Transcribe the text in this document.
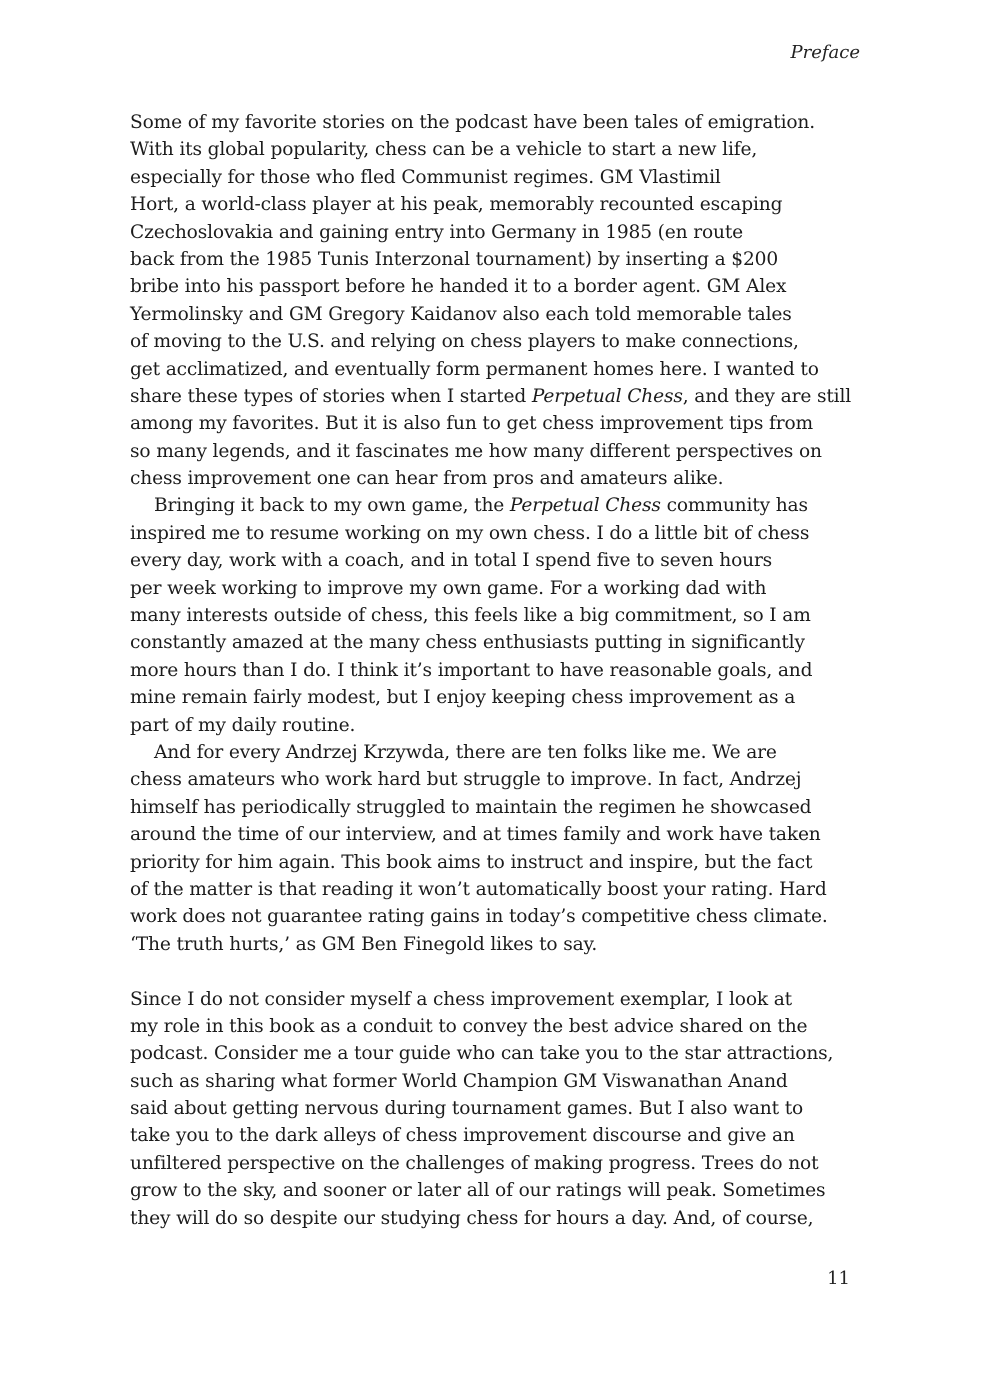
Preface
Some of my favorite stories on the podcast have been tales of emigration.
With its global popularity, chess can be a vehicle to start a new life,
especially for those who fled Communist regimes. GM Vlastimil
Hort, a world-class player at his peak, memorably recounted escaping
Czechoslovakia and gaining entry into Germany in 1985 (en route
back from the 1985 Tunis Interzonal tournament) by inserting a $200
bribe into his passport before he handed it to a border agent. GM Alex
Yermolinsky and GM Gregory Kaidanov also each told memorable tales
of moving to the U.S. and relying on chess players to make connections,
get acclimatized, and eventually form permanent homes here. I wanted to
share these types of stories when I started Perpetual Chess, and they are still
among my favorites. But it is also fun to get chess improvement tips from
so many legends, and it fascinates me how many different perspectives on
chess improvement one can hear from pros and amateurs alike.
Bringing it back to my own game, the Perpetual Chess community has
inspired me to resume working on my own chess. I do a little bit of chess
every day, work with a coach, and in total I spend five to seven hours
per week working to improve my own game. For a working dad with
many interests outside of chess, this feels like a big commitment, so I am
constantly amazed at the many chess enthusiasts putting in significantly
more hours than I do. I think it’s important to have reasonable goals, and
mine remain fairly modest, but I enjoy keeping chess improvement as a
part of my daily routine.
And for every Andrzej Krzywda, there are ten folks like me. We are
chess amateurs who work hard but struggle to improve. In fact, Andrzej
himself has periodically struggled to maintain the regimen he showcased
around the time of our interview, and at times family and work have taken
priority for him again. This book aims to instruct and inspire, but the fact
of the matter is that reading it won’t automatically boost your rating. Hard
work does not guarantee rating gains in today’s competitive chess climate.
‘The truth hurts,’ as GM Ben Finegold likes to say.
Since I do not consider myself a chess improvement exemplar, I look at
my role in this book as a conduit to convey the best advice shared on the
podcast. Consider me a tour guide who can take you to the star attractions,
such as sharing what former World Champion GM Viswanathan Anand
said about getting nervous during tournament games. But I also want to
take you to the dark alleys of chess improvement discourse and give an
unfiltered perspective on the challenges of making progress. Trees do not
grow to the sky, and sooner or later all of our ratings will peak. Sometimes
they will do so despite our studying chess for hours a day. And, of course,
11
